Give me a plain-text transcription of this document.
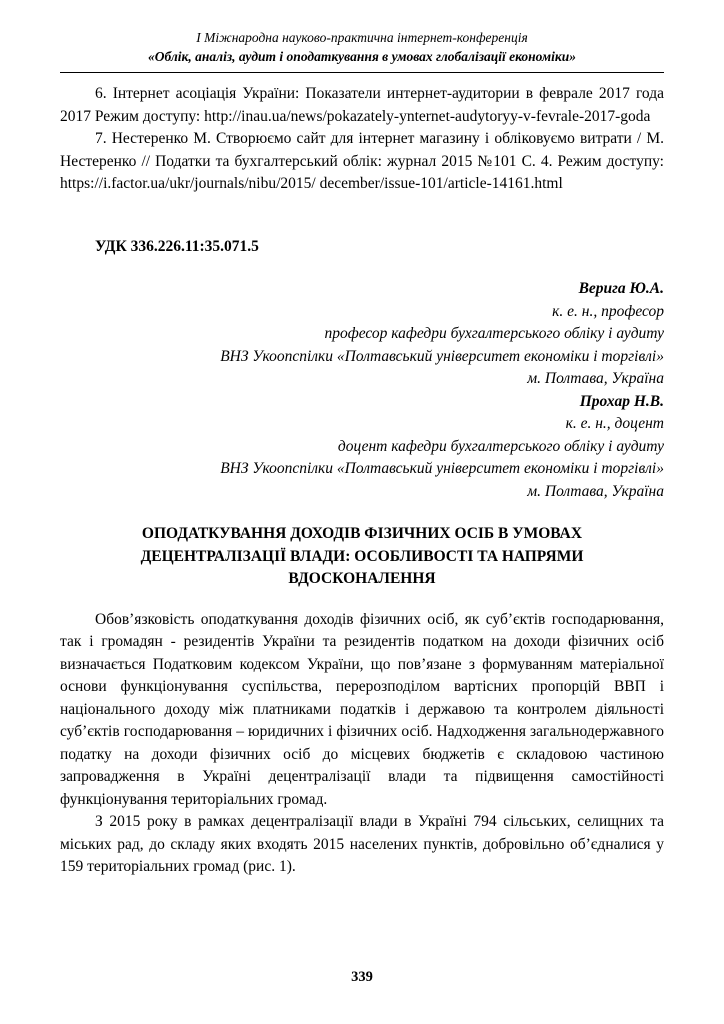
І Міжнародна науково-практична інтернет-конференція
«Облік, аналіз, аудит і оподаткування в умовах глобалізації економіки»

6. Інтернет асоціація України: Показатели интернет-аудитории в феврале 2017 года 2017 Режим доступу: http://inau.ua/news/pokazately-ynternet-audytoryy-v-fevrale-2017-goda

7. Нестеренко М. Створюємо сайт для інтернет магазину і обліковуємо витрати / М. Нестеренко // Податки та бухгалтерський облік: журнал 2015 №101 С. 4. Режим доступу: https://i.factor.ua/ukr/journals/nibu/2015/ december/issue-101/article-14161.html

УДК 336.226.11:35.071.5

Верига Ю.А.
к. е. н., професор
професор кафедри бухгалтерського обліку і аудиту
ВНЗ Укоопспілки «Полтавський університет економіки і торгівлі»
м. Полтава, Україна
Прохар Н.В.
к. е. н., доцент
доцент кафедри бухгалтерського обліку і аудиту
ВНЗ Укоопспілки «Полтавський університет економіки і торгівлі»
м. Полтава, Україна
ОПОДАТКУВАННЯ ДОХОДІВ ФІЗИЧНИХ ОСІБ В УМОВАХ ДЕЦЕНТРАЛІЗАЦІЇ ВЛАДИ: ОСОБЛИВОСТІ ТА НАПРЯМИ ВДОСКОНАЛЕННЯ

Обов’язковість оподаткування доходів фізичних осіб, як суб’єктів господарювання, так і громадян - резидентів України та резидентів податком на доходи фізичних осіб визначається Податковим кодексом України, що пов’язане з формуванням матеріальної основи функціонування суспільства, перерозподілом вартісних пропорцій ВВП і національного доходу між платниками податків і державою та контролем діяльності суб’єктів господарювання – юридичних і фізичних осіб. Надходження загальнодержавного податку на доходи фізичних осіб до місцевих бюджетів є складовою частиною запровадження в Україні децентралізації влади та підвищення самостійності функціонування територіальних громад.

З 2015 року в рамках децентралізації влади в Україні 794 сільських, селищних та міських рад, до складу яких входять 2015 населених пунктів, добровільно об’єдналися у 159 територіальних громад (рис. 1).

339
